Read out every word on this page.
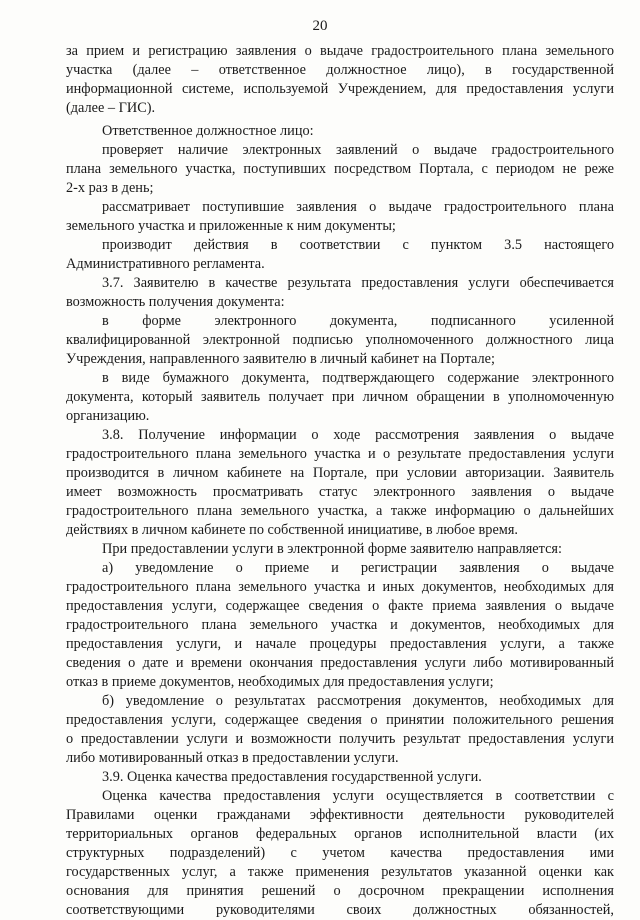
20
за прием и регистрацию заявления о выдаче градостроительного плана земельного
участка (далее – ответственное должностное лицо), в государственной
информационной системе, используемой Учреждением, для предоставления услуги
(далее – ГИС).
Ответственное должностное лицо:
проверяет наличие электронных заявлений о выдаче градостроительного
плана земельного участка, поступивших посредством Портала, с периодом не реже
2-х раз в день;
рассматривает поступившие заявления о выдаче градостроительного плана
земельного участка и приложенные к ним документы;
производит действия в соответствии с пунктом 3.5 настоящего
Административного регламента.
3.7. Заявителю в качестве результата предоставления услуги обеспечивается
возможность получения документа:
в форме электронного документа, подписанного усиленной
квалифицированной электронной подписью уполномоченного должностного лица
Учреждения, направленного заявителю в личный кабинет на Портале;
в виде бумажного документа, подтверждающего содержание электронного
документа, который заявитель получает при личном обращении в уполномоченную
организацию.
3.8. Получение информации о ходе рассмотрения заявления о выдаче
градостроительного плана земельного участка и о результате предоставления услуги
производится в личном кабинете на Портале, при условии авторизации. Заявитель
имеет возможность просматривать статус электронного заявления о выдаче
градостроительного плана земельного участка, а также информацию о дальнейших
действиях в личном кабинете по собственной инициативе, в любое время.
При предоставлении услуги в электронной форме заявителю направляется:
а) уведомление о приеме и регистрации заявления о выдаче
градостроительного плана земельного участка и иных документов, необходимых для
предоставления услуги, содержащее сведения о факте приема заявления о выдаче
градостроительного плана земельного участка и документов, необходимых для
предоставления услуги, и начале процедуры предоставления услуги, а также
сведения о дате и времени окончания предоставления услуги либо мотивированный
отказ в приеме документов, необходимых для предоставления услуги;
б) уведомление о результатах рассмотрения документов, необходимых для
предоставления услуги, содержащее сведения о принятии положительного решения
о предоставлении услуги и возможности получить результат предоставления услуги
либо мотивированный отказ в предоставлении услуги.
3.9. Оценка качества предоставления государственной услуги.
Оценка качества предоставления услуги осуществляется в соответствии с
Правилами оценки гражданами эффективности деятельности руководителей
территориальных органов федеральных органов исполнительной власти (их
структурных подразделений) с учетом качества предоставления ими
государственных услуг, а также применения результатов указанной оценки как
основания для принятия решений о досрочном прекращении исполнения
соответствующими руководителями своих должностных обязанностей,
